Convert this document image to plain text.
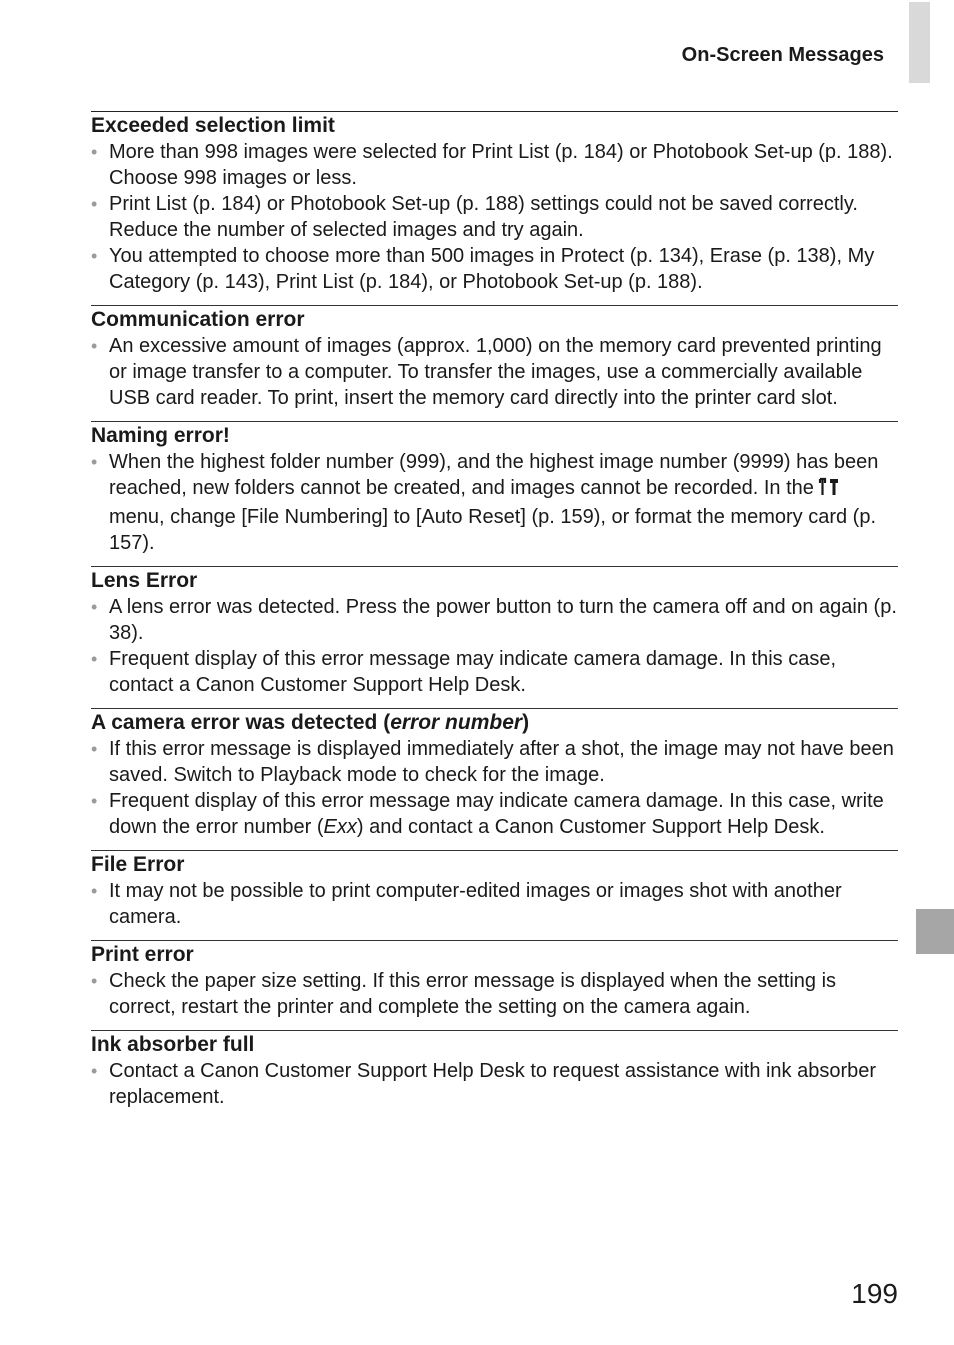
On-Screen Messages
Exceeded selection limit
• More than 998 images were selected for Print List (p. 184) or Photobook Set-up (p. 188). Choose 998 images or less.
• Print List (p. 184) or Photobook Set-up (p. 188) settings could not be saved correctly. Reduce the number of selected images and try again.
• You attempted to choose more than 500 images in Protect (p. 134), Erase (p. 138), My Category (p. 143), Print List (p. 184), or Photobook Set-up (p. 188).
Communication error
• An excessive amount of images (approx. 1,000) on the memory card prevented printing or image transfer to a computer. To transfer the images, use a commercially available USB card reader. To print, insert the memory card directly into the printer card slot.
Naming error!
• When the highest folder number (999), and the highest image number (9999) has been reached, new folders cannot be created, and images cannot be recorded. In the menu, change [File Numbering] to [Auto Reset] (p. 159), or format the memory card (p. 157).
Lens Error
• A lens error was detected. Press the power button to turn the camera off and on again (p. 38).
• Frequent display of this error message may indicate camera damage. In this case, contact a Canon Customer Support Help Desk.
A camera error was detected (error number)
• If this error message is displayed immediately after a shot, the image may not have been saved. Switch to Playback mode to check for the image.
• Frequent display of this error message may indicate camera damage. In this case, write down the error number (Exx) and contact a Canon Customer Support Help Desk.
File Error
• It may not be possible to print computer-edited images or images shot with another camera.
Print error
• Check the paper size setting. If this error message is displayed when the setting is correct, restart the printer and complete the setting on the camera again.
Ink absorber full
• Contact a Canon Customer Support Help Desk to request assistance with ink absorber replacement.
199
